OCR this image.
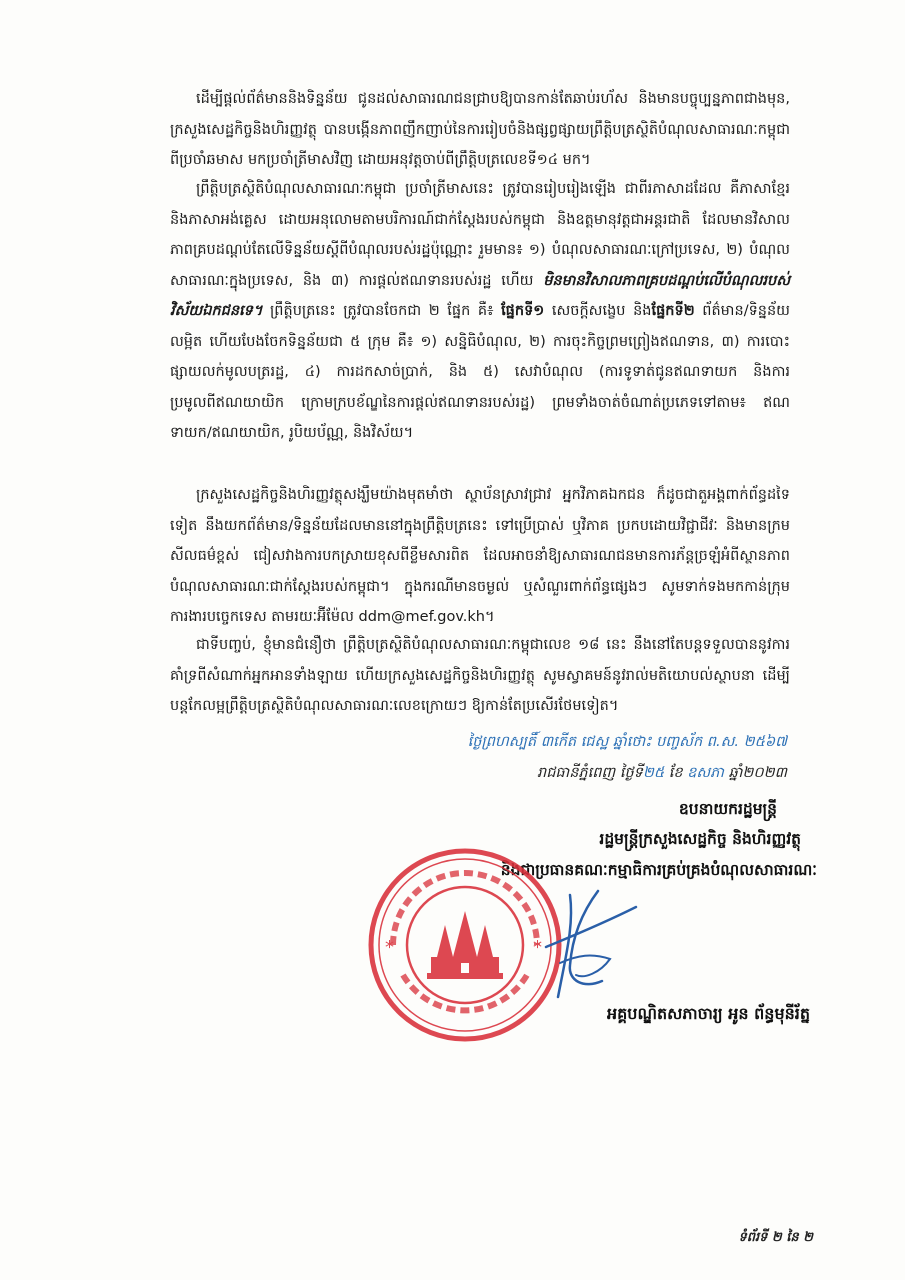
ដើម្បីផ្តល់ព័ត៌មាននិងទិន្នន័យ ជូនដល់សាធារណជនជ្រាបឱ្យបានកាន់តែឆាប់រហ័ស និងមានបច្ចុប្បន្នភាពជាងមុន, ក្រសួងសេដ្ឋកិច្ចនិងហិរញ្ញវត្ថុ បានបង្កើនភាពញឹកញាប់នៃការរៀបចំនិងផ្សព្វផ្សាយព្រឹត្តិបត្រស្ថិតិបំណុលសាធារណៈកម្ពុជា ពីប្រចាំឆមាស មកប្រចាំត្រីមាសវិញ ដោយអនុវត្តចាប់ពីព្រឹត្តិបត្រលេខទី១៤ មក។

ព្រឹត្តិបត្រស្ថិតិបំណុលសាធារណៈកម្ពុជា ប្រចាំត្រីមាសនេះ ត្រូវបានរៀបរៀងឡើង ជាពីរភាសាដដែល គឺភាសាខ្មែរ និងភាសាអង់គ្លេស ដោយអនុលោមតាមបរិការណ៍ជាក់ស្តែងរបស់កម្ពុជា និងឧត្តមានុវត្តជាអន្តរជាតិ ដែលមានវិសាលភាពគ្របដណ្តប់តែលើទិន្នន័យស្តីពីបំណុលរបស់រដ្ឋប៉ុណ្ណោះ រួមមាន៖ ១) បំណុលសាធារណៈក្រៅប្រទេស, ២) បំណុលសាធារណៈក្នុងប្រទេស, និង ៣) ការផ្តល់ឥណទានរបស់រដ្ឋ ហើយ មិនមានវិសាលភាពគ្របដណ្តប់លើបំណុលរបស់វិស័យឯកជនទេ។ ព្រឹត្តិបត្រនេះ ត្រូវបានចែកជា ២ ផ្នែក គឺ៖ ផ្នែកទី១ សេចក្តីសង្ខេប និងផ្នែកទី២ ព័ត៌មាន/ទិន្នន័យលម្អិត ហើយបែងចែកទិន្នន័យជា ៥ ក្រុម គឺ៖ ១) សន្និធិបំណុល, ២) ការចុះកិច្ចព្រមព្រៀងឥណទាន, ៣) ការបោះផ្សាយលក់មូលបត្ររដ្ឋ, ៤) ការដកសាច់ប្រាក់, និង ៥) សេវាបំណុល (ការទូទាត់ជូនឥណទាយក និងការប្រមូលពីឥណយាយិក ក្រោមក្របខ័ណ្ឌនៃការផ្តល់ឥណទានរបស់រដ្ឋ) ព្រមទាំងចាត់ចំណាត់ប្រភេទទៅតាម៖ ឥណទាយក/ឥណយាយិក, រូបិយប័ណ្ណ, និងវិស័យ។

ក្រសួងសេដ្ឋកិច្ចនិងហិរញ្ញវត្ថុសង្ឃឹមយ៉ាងមុតមាំថា ស្ថាប័នស្រាវជ្រាវ អ្នកវិភាគឯកជន ក៏ដូចជាតួអង្គពាក់ព័ន្ធដទៃទៀត នឹងយកព័ត៌មាន/ទិន្នន័យដែលមាននៅក្នុងព្រឹត្តិបត្រនេះ ទៅប្រើប្រាស់ ឬវិភាគ ប្រកបដោយវិជ្ជាជីវៈ និងមានក្រមសីលធម៌ខ្ពស់ ជៀសវាងការបកស្រាយខុសពីខ្លឹមសារពិត ដែលអាចនាំឱ្យសាធារណជនមានការភ័ន្តច្រឡំអំពីស្ថានភាពបំណុលសាធារណៈជាក់ស្តែងរបស់កម្ពុជា។ ក្នុងករណីមានចម្ងល់ ឬសំណួរពាក់ព័ន្ធផ្សេងៗ សូមទាក់ទងមកកាន់ក្រុមការងារបច្ចេកទេស តាមរយៈអ៊ីម៉ែល ddm@mef.gov.kh។

ជាទីបញ្ចប់, ខ្ញុំមានជំនឿថា ព្រឹត្តិបត្រស្ថិតិបំណុលសាធារណៈកម្ពុជាលេខ ១៨ នេះ នឹងនៅតែបន្តទទួលបាននូវការគាំទ្រពីសំណាក់អ្នកអានទាំងឡាយ ហើយក្រសួងសេដ្ឋកិច្ចនិងហិរញ្ញវត្ថុ សូមស្វាគមន៍នូវរាល់មតិយោបល់ស្ថាបនា ដើម្បីបន្តកែលម្អព្រឹត្តិបត្រស្ថិតិបំណុលសាធារណៈលេខក្រោយៗ ឱ្យកាន់តែប្រសើរថែមទៀត។

ថ្ងៃព្រហស្បតិ៍ ៣កើត ជេស្ឋ ឆ្នាំថោះ បញ្ចស័ក ព.ស. ២៥៦៧
រាជធានីភ្នំពេញ ថ្ងៃទី២៥ ខែ ឧសភា ឆ្នាំ២០២៣
ឧបនាយករដ្ឋមន្ត្រី
រដ្ឋមន្ត្រីក្រសួងសេដ្ឋកិច្ច និងហិរញ្ញវត្ថុ
និងជាប្រធានគណៈកម្មាធិការគ្រប់គ្រងបំណុលសាធារណៈ
*	*
អគ្គបណ្ឌិតសភាចារ្យ អូន ព័ន្ធមុនីរ័ត្ន
ទំព័រទី ២ នៃ ២
